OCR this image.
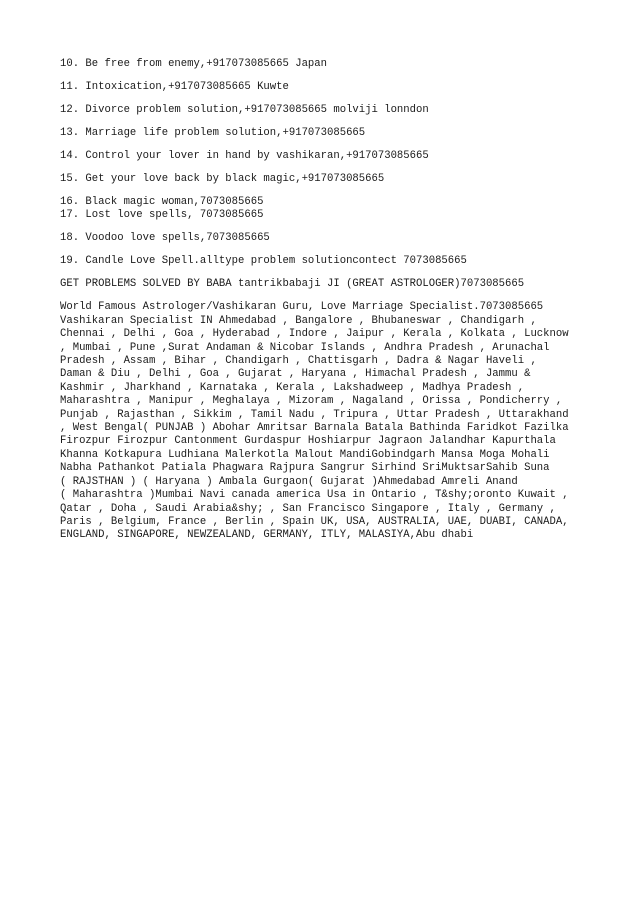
10. Be free from enemy,+917073085665 Japan
11. Intoxication,+917073085665 Kuwte
12. Divorce problem solution,+917073085665 molviji lonndon
13. Marriage life problem solution,+917073085665
14. Control your lover in hand by vashikaran,+917073085665
15. Get your love back by black magic,+917073085665
16. Black magic woman,7073085665
17. Lost love spells, 7073085665
18. Voodoo love spells,7073085665
19. Candle Love Spell.alltype problem solutioncontect 7073085665
GET PROBLEMS SOLVED BY BABA tantrikbabaji JI (GREAT ASTROLOGER)7073085665
World Famous Astrologer/Vashikaran Guru, Love Marriage Specialist.7073085665
Vashikaran Specialist IN Ahmedabad , Bangalore , Bhubaneswar , Chandigarh ,
Chennai , Delhi , Goa , Hyderabad , Indore , Jaipur , Kerala , Kolkata , Lucknow
, Mumbai , Pune ,Surat Andaman & Nicobar Islands , Andhra Pradesh , Arunachal
Pradesh , Assam , Bihar , Chandigarh , Chattisgarh , Dadra & Nagar Haveli ,
Daman & Diu , Delhi , Goa , Gujarat , Haryana , Himachal Pradesh , Jammu &
Kashmir , Jharkhand , Karnataka , Kerala , Lakshadweep , Madhya Pradesh ,
Maharashtra , Manipur , Meghalaya , Mizoram , Nagaland , Orissa , Pondicherry ,
Punjab , Rajasthan , Sikkim , Tamil Nadu , Tripura , Uttar Pradesh , Uttarakhand
, West Bengal( PUNJAB ) Abohar Amritsar Barnala Batala Bathinda Faridkot Fazilka
Firozpur Firozpur Cantonment Gurdaspur Hoshiarpur Jagraon Jalandhar Kapurthala
Khanna Kotkapura Ludhiana Malerkotla Malout MandiGobindgarh Mansa Moga Mohali
Nabha Pathankot Patiala Phagwara Rajpura Sangrur Sirhind SriMuktsarSahib Suna
( RAJSTHAN ) ( Haryana ) Ambala Gurgaon( Gujarat )Ahmedabad Amreli Anand
( Maharashtra )Mumbai Navi canada america Usa in Ontario , T&shy;oronto Kuwait ,
Qatar , Doha , Saudi Arabia&shy; , San Francisco Singapore , Italy , Germany ,
Paris , Belgium, France , Berlin , Spain UK, USA, AUSTRALIA, UAE, DUABI, CANADA,
ENGLAND, SINGAPORE, NEWZEALAND, GERMANY, ITLY, MALASIYA,Abu dhabi
